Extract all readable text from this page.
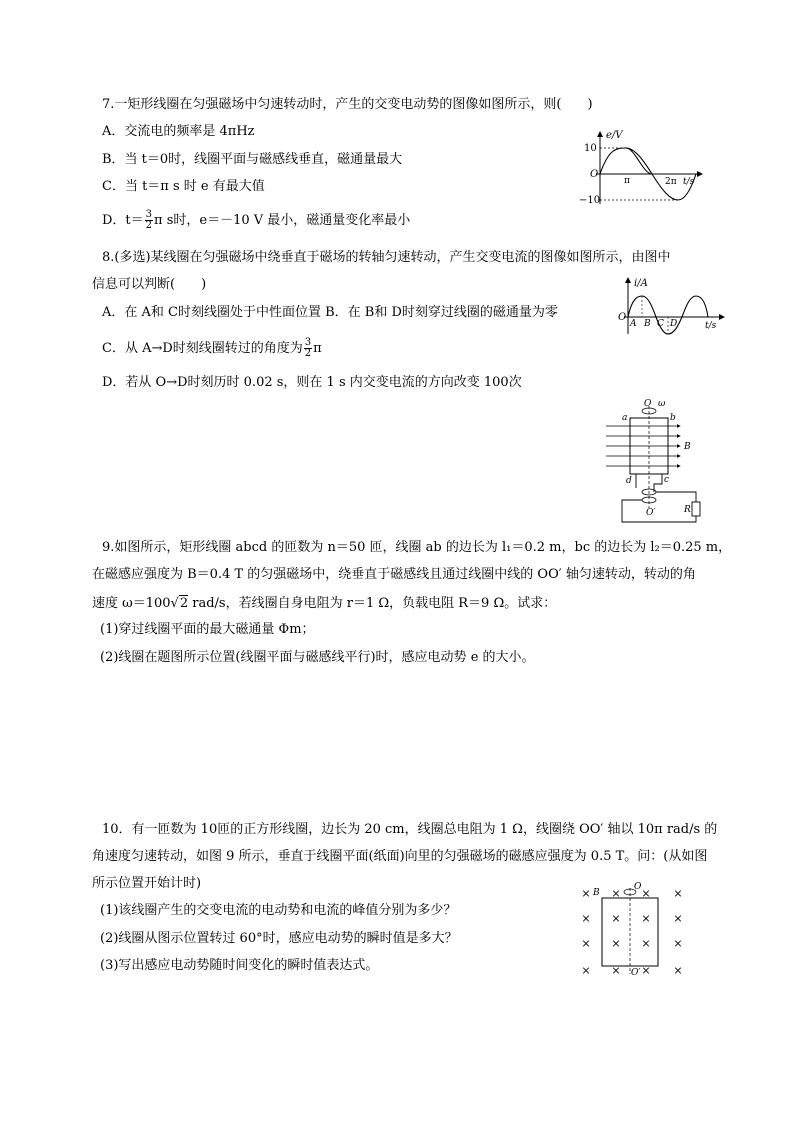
7.一矩形线圈在匀强磁场中匀速转动时，产生的交变电动势的图像如图所示，则(　　)
A．交流电的频率是 4πHz
B．当 t＝0时，线圈平面与磁感线垂直，磁通量最大
C．当 t＝π s 时 e 有最大值
D．$t= \frac{3}{2}$ π s时，e＝－10 V 最小，磁通量变化率最小
e/V
10
−10
O
π	2π t/s
8.(多选)某线圈在匀强磁场中绕垂直于磁场的转轴匀速转动，产生交变电流的图像如图所示，由图中
信息可以判断(　　)
A．在 A和 C时刻线圈处于中性面位置 B．在 B和 D时刻穿过线圈的磁通量为零
C．从 A→D时刻线圈转过的角度为 $\frac{3}{2}$ π
D．若从 O→D时刻历时 0.02 s，则在 1 s 内交变电流的方向改变 100次
i/A
O
A B C D	t/s
O ω
a	b
B
d	c
O′	R
9.如图所示，矩形线圈 abcd 的匝数为 n＝50 匝，线圈 ab 的边长为 l₁＝0.2 m，bc 的边长为 l₂＝0.25 m，
在磁感应强度为 B＝0.4 T 的匀强磁场中，绕垂直于磁感线且通过线圈中线的 OO′ 轴匀速转动，转动的角
速度 ω＝100√2 rad/s，若线圈自身电阻为 r＝1 Ω，负载电阻 R＝9 Ω。试求：
(1)穿过线圈平面的最大磁通量 Φm；
(2)线圈在题图所示位置(线圈平面与磁感线平行)时，感应电动势 e 的大小。
10．有一匝数为 10匝的正方形线圈，边长为 20 cm，线圈总电阻为 1 Ω，线圈绕 OO′ 轴以 10π rad/s 的
角速度匀速转动，如图 9 所示，垂直于线圈平面(纸面)向里的匀强磁场的磁感应强度为 0.5 T。问：(从如图
所示位置开始计时)
(1)该线圈产生的交变电流的电动势和电流的峰值分别为多少？
(2)线圈从图示位置转过 60°时，感应电动势的瞬时值是多大？
(3)写出感应电动势随时间变化的瞬时值表达式。
× × × ×
× × × ×
× × × ×
× × × ×
B
O
O′
